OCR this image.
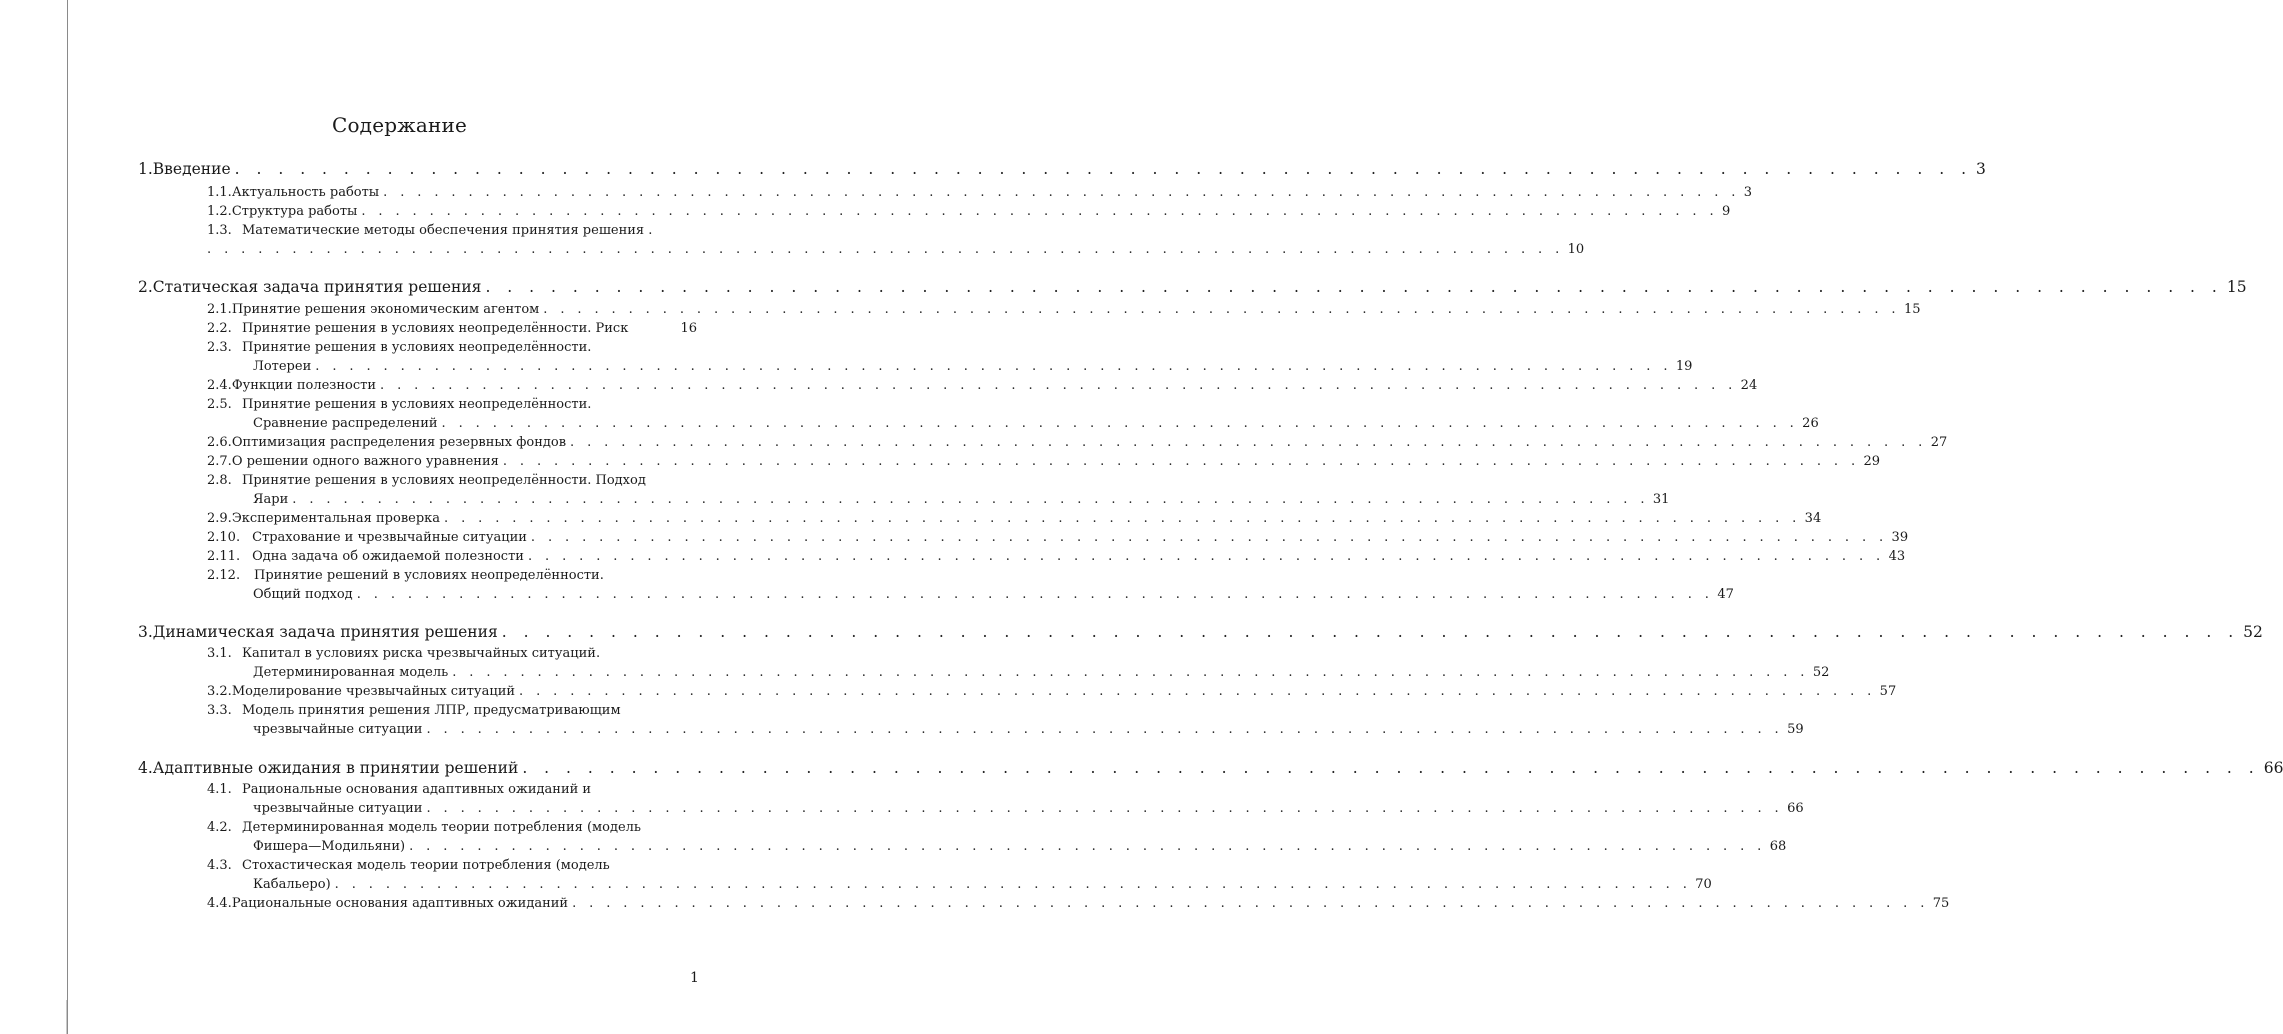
Содержание
1. Введение . . . . . . . . . . . . . . . . . . . . . . . . . . . . . . . . . . . . . . . . . . . . . . . . . . . . . . . . . . . . . . . . . . . . . . . . . . . . . . . . 3
1.1. Актуальность работы . . . . . . . . . . . . . . . . . . . . . . . . . . . . . . . . . . . . . . . . . . . . . . . . . . . . . . . . . . . . . . . . . . . . . . . . . . . . . . . . 3
1.2. Структура работы . . . . . . . . . . . . . . . . . . . . . . . . . . . . . . . . . . . . . . . . . . . . . . . . . . . . . . . . . . . . . . . . . . . . . . . . . . . . . . . . 9
1.3. Математические методы обеспечения принятия решения .
. . . . . . . . . . . . . . . . . . . . . . . . . . . . . . . . . . . . . . . . . . . . . . . . . . . . . . . . . . . . . . . . . . . . . . . . . . . . . . . . 10
2. Статическая задача принятия решения . . . . . . . . . . . . . . . . . . . . . . . . . . . . . . . . . . . . . . . . . . . . . . . . . . . . . . . . . . . . . . . . . . . . . . . . . . . . . . . . 15
2.1. Принятие решения экономическим агентом . . . . . . . . . . . . . . . . . . . . . . . . . . . . . . . . . . . . . . . . . . . . . . . . . . . . . . . . . . . . . . . . . . . . . . . . . . . . . . . . 15
2.2. Принятие решения в условиях неопределённости. Риск	16
2.3. Принятие решения в условиях неопределённости.
Лотереи . . . . . . . . . . . . . . . . . . . . . . . . . . . . . . . . . . . . . . . . . . . . . . . . . . . . . . . . . . . . . . . . . . . . . . . . . . . . . . . . 19
2.4. Функции полезности . . . . . . . . . . . . . . . . . . . . . . . . . . . . . . . . . . . . . . . . . . . . . . . . . . . . . . . . . . . . . . . . . . . . . . . . . . . . . . . . 24
2.5. Принятие решения в условиях неопределённости.
Сравнение распределений . . . . . . . . . . . . . . . . . . . . . . . . . . . . . . . . . . . . . . . . . . . . . . . . . . . . . . . . . . . . . . . . . . . . . . . . . . . . . . . . 26
2.6. Оптимизация распределения резервных фондов . . . . . . . . . . . . . . . . . . . . . . . . . . . . . . . . . . . . . . . . . . . . . . . . . . . . . . . . . . . . . . . . . . . . . . . . . . . . . . . . 27
2.7. О решении одного важного уравнения . . . . . . . . . . . . . . . . . . . . . . . . . . . . . . . . . . . . . . . . . . . . . . . . . . . . . . . . . . . . . . . . . . . . . . . . . . . . . . . . 29
2.8. Принятие решения в условиях неопределённости. Подход
Яари . . . . . . . . . . . . . . . . . . . . . . . . . . . . . . . . . . . . . . . . . . . . . . . . . . . . . . . . . . . . . . . . . . . . . . . . . . . . . . . . 31
2.9. Экспериментальная проверка . . . . . . . . . . . . . . . . . . . . . . . . . . . . . . . . . . . . . . . . . . . . . . . . . . . . . . . . . . . . . . . . . . . . . . . . . . . . . . . . 34
2.10. Страхование и чрезвычайные ситуации . . . . . . . . . . . . . . . . . . . . . . . . . . . . . . . . . . . . . . . . . . . . . . . . . . . . . . . . . . . . . . . . . . . . . . . . . . . . . . . . 39
2.11. Одна задача об ожидаемой полезности . . . . . . . . . . . . . . . . . . . . . . . . . . . . . . . . . . . . . . . . . . . . . . . . . . . . . . . . . . . . . . . . . . . . . . . . . . . . . . . . 43
2.12. Принятие решений в условиях неопределённости.
Общий подход . . . . . . . . . . . . . . . . . . . . . . . . . . . . . . . . . . . . . . . . . . . . . . . . . . . . . . . . . . . . . . . . . . . . . . . . . . . . . . . . 47
3. Динамическая задача принятия решения . . . . . . . . . . . . . . . . . . . . . . . . . . . . . . . . . . . . . . . . . . . . . . . . . . . . . . . . . . . . . . . . . . . . . . . . . . . . . . . . 52
3.1. Капитал в условиях риска чрезвычайных ситуаций.
Детерминированная модель . . . . . . . . . . . . . . . . . . . . . . . . . . . . . . . . . . . . . . . . . . . . . . . . . . . . . . . . . . . . . . . . . . . . . . . . . . . . . . . . 52
3.2. Моделирование чрезвычайных ситуаций . . . . . . . . . . . . . . . . . . . . . . . . . . . . . . . . . . . . . . . . . . . . . . . . . . . . . . . . . . . . . . . . . . . . . . . . . . . . . . . . 57
3.3. Модель принятия решения ЛПР, предусматривающим
чрезвычайные ситуации . . . . . . . . . . . . . . . . . . . . . . . . . . . . . . . . . . . . . . . . . . . . . . . . . . . . . . . . . . . . . . . . . . . . . . . . . . . . . . . . 59
4. Адаптивные ожидания в принятии решений . . . . . . . . . . . . . . . . . . . . . . . . . . . . . . . . . . . . . . . . . . . . . . . . . . . . . . . . . . . . . . . . . . . . . . . . . . . . . . . . 66
4.1. Рациональные основания адаптивных ожиданий и
чрезвычайные ситуации . . . . . . . . . . . . . . . . . . . . . . . . . . . . . . . . . . . . . . . . . . . . . . . . . . . . . . . . . . . . . . . . . . . . . . . . . . . . . . . . 66
4.2. Детерминированная модель теории потребления (модель
Фишера—Модильяни) . . . . . . . . . . . . . . . . . . . . . . . . . . . . . . . . . . . . . . . . . . . . . . . . . . . . . . . . . . . . . . . . . . . . . . . . . . . . . . . . 68
4.3. Стохастическая модель теории потребления (модель
Кабальеро) . . . . . . . . . . . . . . . . . . . . . . . . . . . . . . . . . . . . . . . . . . . . . . . . . . . . . . . . . . . . . . . . . . . . . . . . . . . . . . . . 70
4.4. Рациональные основания адаптивных ожиданий . . . . . . . . . . . . . . . . . . . . . . . . . . . . . . . . . . . . . . . . . . . . . . . . . . . . . . . . . . . . . . . . . . . . . . . . . . . . . . . . 75
1
